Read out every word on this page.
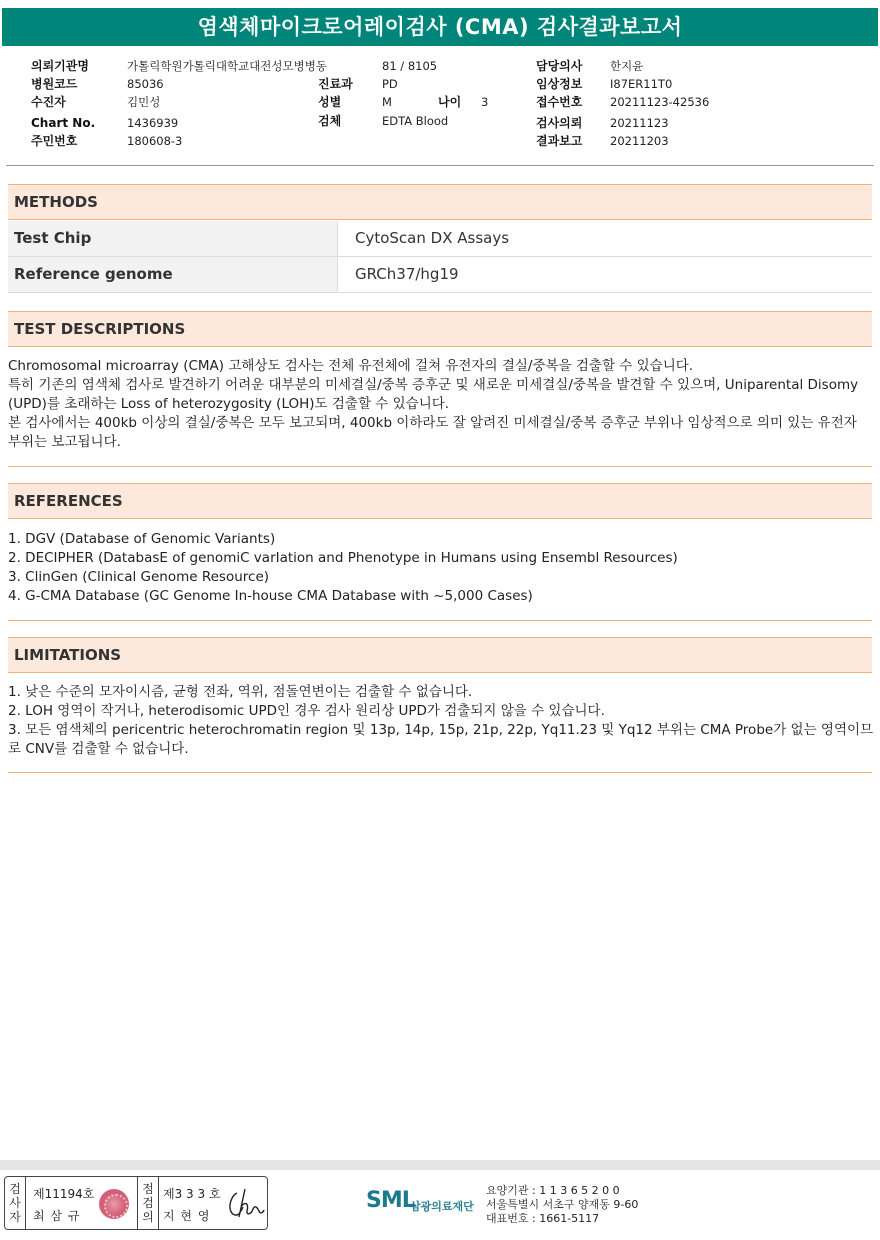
염색체마이크로어레이검사 (CMA) 검사결과보고서
의뢰기관명	가톨릭학원가톨릭대학교대전성모병병동	81 / 8105	담당의사 한지윤
병원코드	85036	진료과	PD	임상정보 I87ER11T0
수진자	김민성	성별	M	나이 3	접수번호 20211123-42536
Chart No.	1436939	검체	EDTA Blood	검사의뢰 20211123
주민번호	180608-3	결과보고 20211203
METHODS
Test Chip	CytoScan DX Assays
Reference genome	GRCh37/hg19
TEST DESCRIPTIONS

Chromosomal microarray (CMA) 고해상도 검사는 전체 유전체에 걸쳐 유전자의 결실/중복을 검출할 수 있습니다.

특히 기존의 염색체 검사로 발견하기 어려운 대부분의 미세결실/중복 증후군 및 새로운 미세결실/중복을 발견할 수 있으며, Uniparental Disomy (UPD)를 초래하는 Loss of heterozygosity (LOH)도 검출할 수 있습니다.

본 검사에서는 400kb 이상의 결실/중복은 모두 보고되며, 400kb 이하라도 잘 알려진 미세결실/중복 증후군 부위나 임상적으로 의미 있는 유전자 부위는 보고됩니다.

REFERENCES

1. DGV (Database of Genomic Variants)

2. DECIPHER (DatabasE of genomiC varIation and Phenotype in Humans using Ensembl Resources)

3. ClinGen (Clinical Genome Resource)

4. G-CMA Database (GC Genome In-house CMA Database with ~5,000 Cases)

LIMITATIONS

1. 낮은 수준의 모자이시즘, 균형 전좌, 역위, 점돌연변이는 검출할 수 없습니다.

2. LOH 영역이 작거나, heterodisomic UPD인 경우 검사 원리상 UPD가 검출되지 않을 수 있습니다.

3. 모든 염색체의 pericentric heterochromatin region 및 13p, 14p, 15p, 21p, 22p, Yq11.23 및 Yq12 부위는 CMA Probe가 없는 영역이므로 CNV를 검출할 수 없습니다.

검사자
제11194호
최 삼 규
점검의
제3 3 3 호
지 현 영
SML
삼광의료재단
요양기관 : 1 1 3 6 5 2 0 0
서울특별시 서초구 양재동 9-60
대표번호 : 1661-5117
